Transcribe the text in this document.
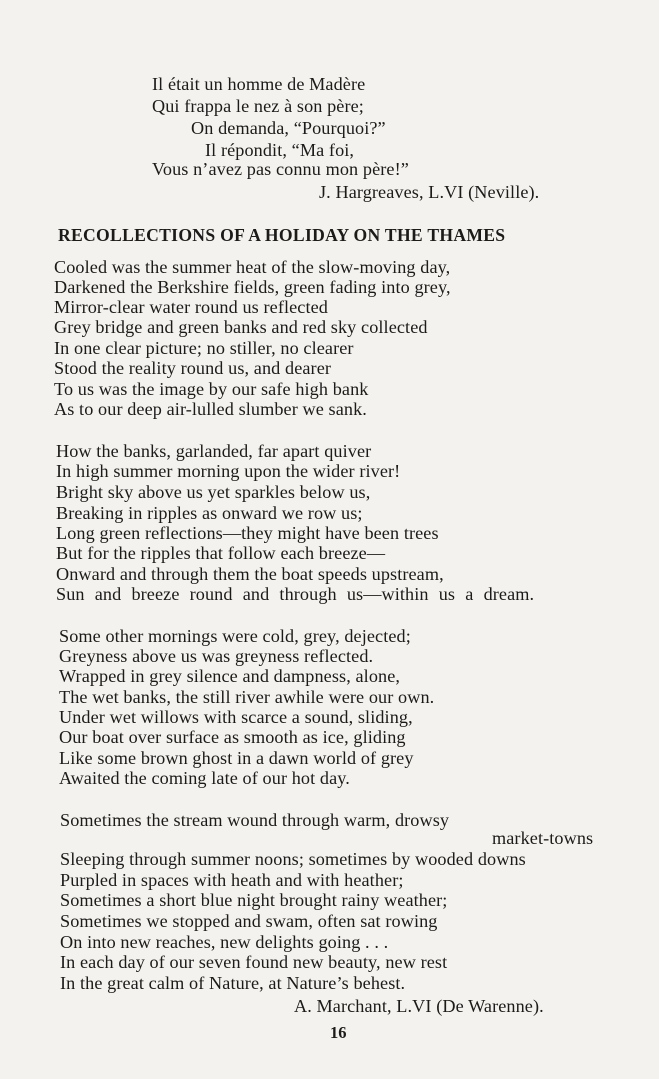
Il était un homme de Madère
Qui frappa le nez à son père;
On demanda, “Pourquoi?”
Il répondit, “Ma foi,
Vous n’avez pas connu mon père!”
J. Hargreaves, L.VI (Neville).
RECOLLECTIONS OF A HOLIDAY ON THE THAMES
Cooled was the summer heat of the slow-moving day,
Darkened the Berkshire fields, green fading into grey,
Mirror-clear water round us reflected
Grey bridge and green banks and red sky collected
In one clear picture; no stiller, no clearer
Stood the reality round us, and dearer
To us was the image by our safe high bank
As to our deep air-lulled slumber we sank.
How the banks, garlanded, far apart quiver
In high summer morning upon the wider river!
Bright sky above us yet sparkles below us,
Breaking in ripples as onward we row us;
Long green reflections—they might have been trees
But for the ripples that follow each breeze—
Onward and through them the boat speeds upstream,
Sun and breeze round and through us—within us a dream.
Some other mornings were cold, grey, dejected;
Greyness above us was greyness reflected.
Wrapped in grey silence and dampness, alone,
The wet banks, the still river awhile were our own.
Under wet willows with scarce a sound, sliding,
Our boat over surface as smooth as ice, gliding
Like some brown ghost in a dawn world of grey
Awaited the coming late of our hot day.
Sometimes the stream wound through warm, drowsy
market-towns
Sleeping through summer noons; sometimes by wooded downs
Purpled in spaces with heath and with heather;
Sometimes a short blue night brought rainy weather;
Sometimes we stopped and swam, often sat rowing
On into new reaches, new delights going . . .
In each day of our seven found new beauty, new rest
In the great calm of Nature, at Nature’s behest.
A. Marchant, L.VI (De Warenne).
16
